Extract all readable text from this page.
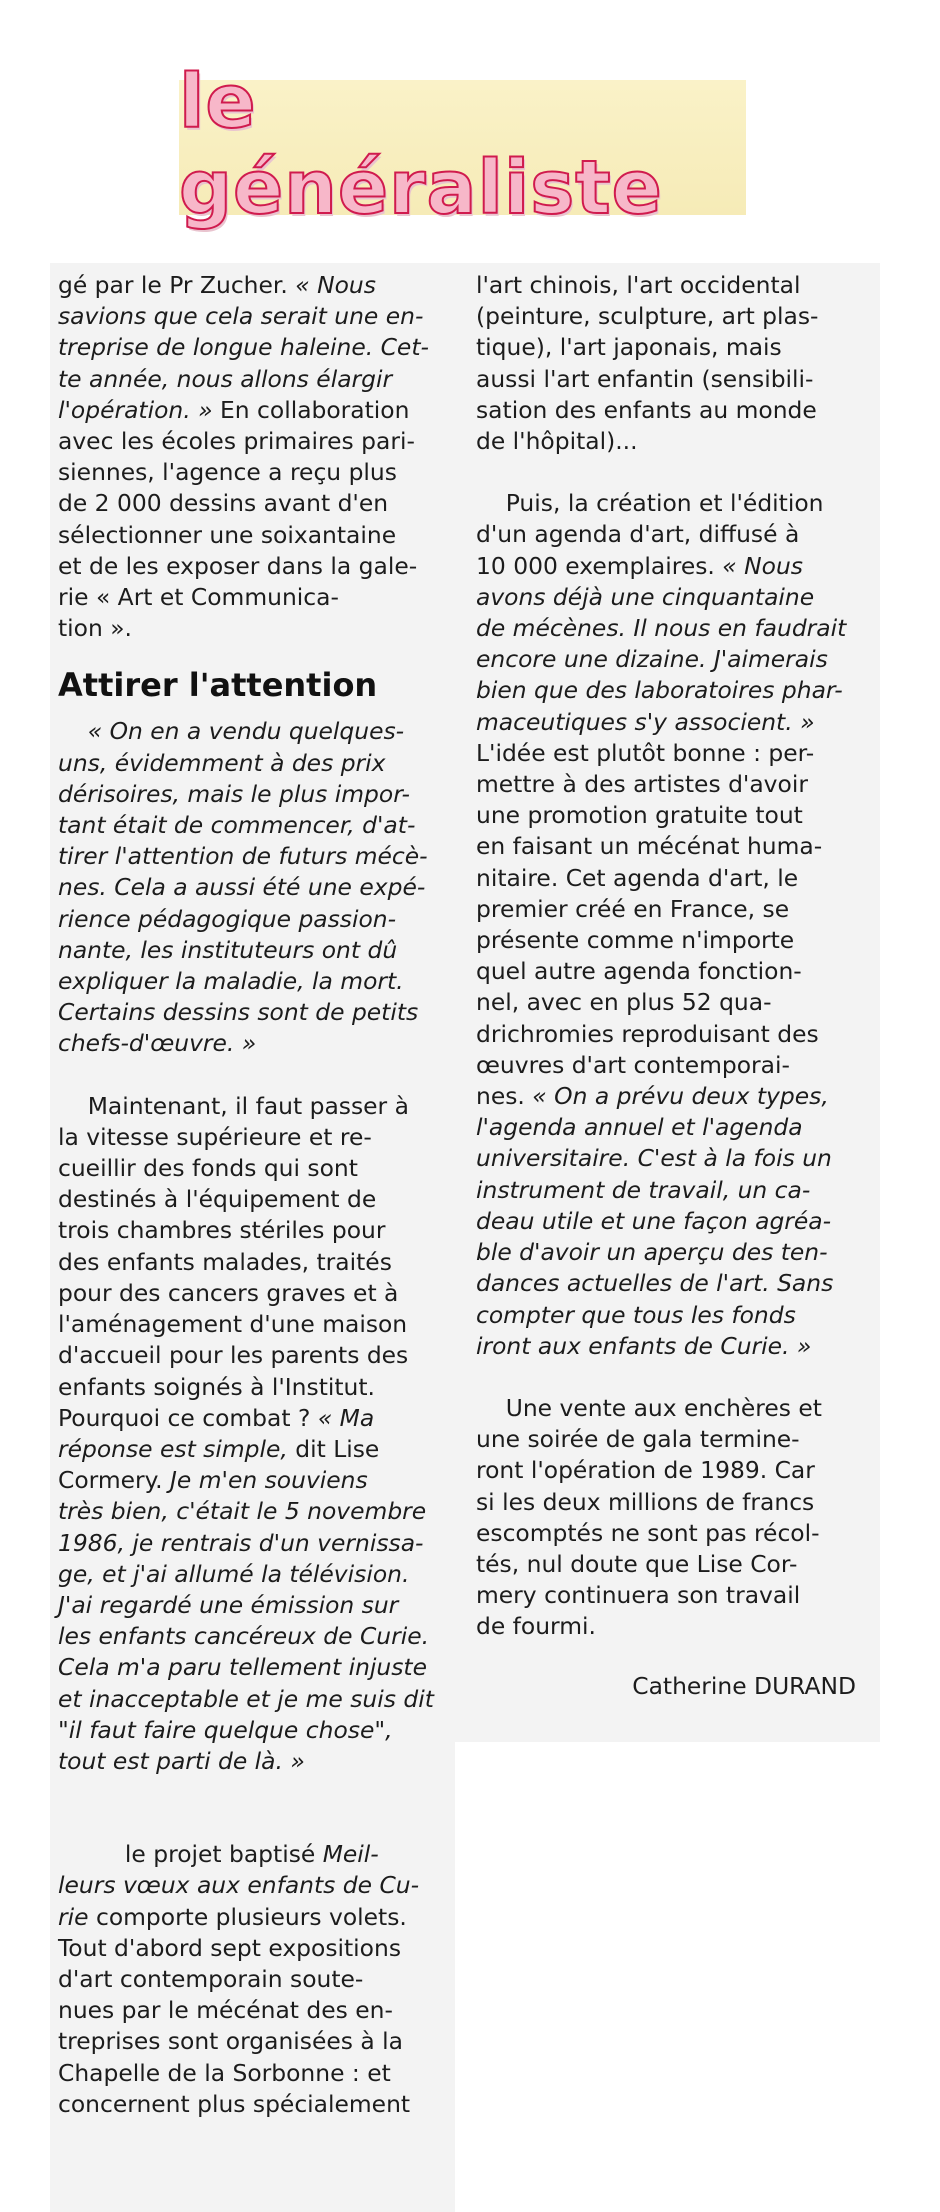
le généraliste
gé par le Pr Zucher. « Nous
savions que cela serait une en-
treprise de longue haleine. Cet-
te année, nous allons élargir
l'opération. » En collaboration
avec les écoles primaires pari-
siennes, l'agence a reçu plus
de 2 000 dessins avant d'en
sélectionner une soixantaine
et de les exposer dans la gale-
rie « Art et Communica-
tion ».
Attirer l'attention
« On en a vendu quelques-
uns, évidemment à des prix
dérisoires, mais le plus impor-
tant était de commencer, d'at-
tirer l'attention de futurs mécè-
nes. Cela a aussi été une expé-
rience pédagogique passion-
nante, les instituteurs ont dû
expliquer la maladie, la mort.
Certains dessins sont de petits
chefs-d'œuvre. »
Maintenant, il faut passer à
la vitesse supérieure et re-
cueillir des fonds qui sont
destinés à l'équipement de
trois chambres stériles pour
des enfants malades, traités
pour des cancers graves et à
l'aménagement d'une maison
d'accueil pour les parents des
enfants soignés à l'Institut.
Pourquoi ce combat ? « Ma
réponse est simple, dit Lise
Cormery. Je m'en souviens
très bien, c'était le 5 novembre
1986, je rentrais d'un vernissa-
ge, et j'ai allumé la télévision.
J'ai regardé une émission sur
les enfants cancéreux de Curie.
Cela m'a paru tellement injuste
et inacceptable et je me suis dit
"il faut faire quelque chose",
tout est parti de là. »
le projet baptisé Meil-
leurs vœux aux enfants de Cu-
rie comporte plusieurs volets.
Tout d'abord sept expositions
d'art contemporain soute-
nues par le mécénat des en-
treprises sont organisées à la
Chapelle de la Sorbonne : et
concernent plus spécialement
l'art chinois, l'art occidental
(peinture, sculpture, art plas-
tique), l'art japonais, mais
aussi l'art enfantin (sensibili-
sation des enfants au monde
de l'hôpital)...
Puis, la création et l'édition
d'un agenda d'art, diffusé à
10 000 exemplaires. « Nous
avons déjà une cinquantaine
de mécènes. Il nous en faudrait
encore une dizaine. J'aimerais
bien que des laboratoires phar-
maceutiques s'y associent. »
L'idée est plutôt bonne : per-
mettre à des artistes d'avoir
une promotion gratuite tout
en faisant un mécénat huma-
nitaire. Cet agenda d'art, le
premier créé en France, se
présente comme n'importe
quel autre agenda fonction-
nel, avec en plus 52 qua-
drichromies reproduisant des
œuvres d'art contemporai-
nes. « On a prévu deux types,
l'agenda annuel et l'agenda
universitaire. C'est à la fois un
instrument de travail, un ca-
deau utile et une façon agréa-
ble d'avoir un aperçu des ten-
dances actuelles de l'art. Sans
compter que tous les fonds
iront aux enfants de Curie. »
Une vente aux enchères et
une soirée de gala termine-
ront l'opération de 1989. Car
si les deux millions de francs
escomptés ne sont pas récol-
tés, nul doute que Lise Cor-
mery continuera son travail
de fourmi.
Catherine DURAND
